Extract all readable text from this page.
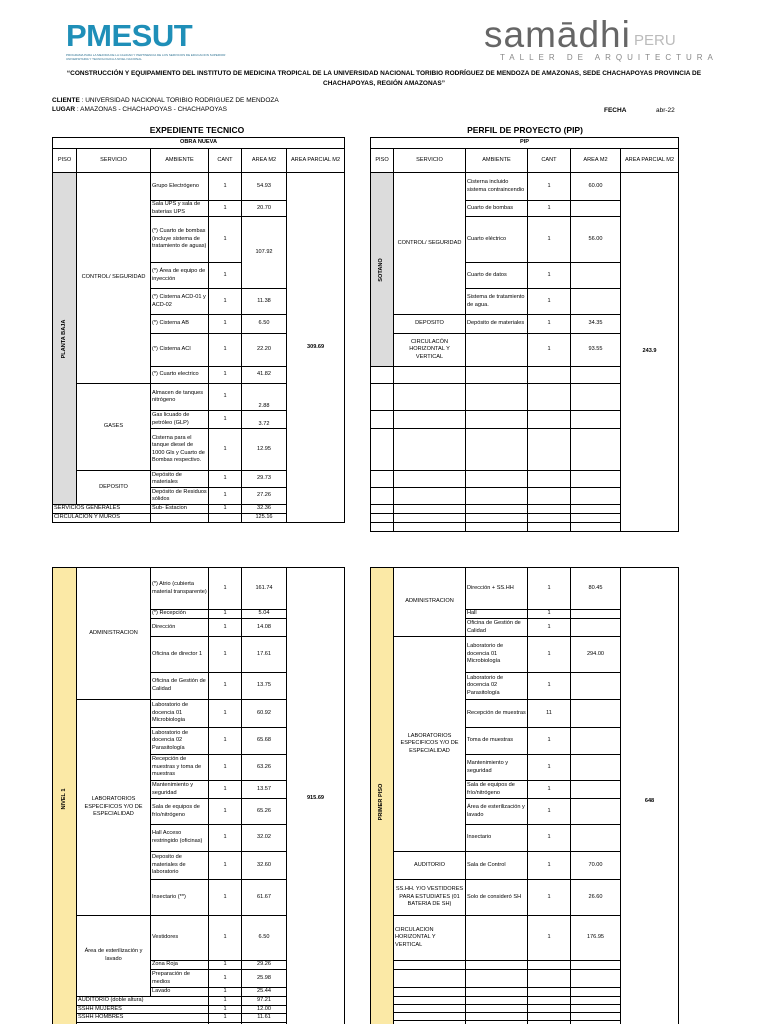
PMESUT
PROGRAMA PARA LA MEJORA DE LA CALIDAD Y PERTINENCIA DE LOS SERVICIOS DE EDUCACION SUPERIOR UNIVERSITARIA Y TECNOLOGICA A NIVEL NACIONAL
samādhi PERU
TALLER DE ARQUITECTURA
“CONSTRUCCIÓN Y EQUIPAMIENTO DEL INSTITUTO DE MEDICINA TROPICAL DE LA UNIVERSIDAD NACIONAL TORIBIO RODRÍGUEZ DE MENDOZA DE AMAZONAS, SEDE CHACHAPOYAS PROVINCIA DE CHACHAPOYAS, REGIÓN AMAZONAS”
CLIENTE : UNIVERSIDAD NACIONAL TORIBIO RODRIGUEZ DE MENDOZA
LUGAR : AMAZONAS - CHACHAPOYAS - CHACHAPOYAS	FECHA	abr-22
EXPEDIENTE TECNICO	PERFIL DE PROYECTO (PIP)
OBRA NUEVA					
PISO	SERVICIO	AMBIENTE	CANT	AREA M2	AREA PARCIAL M2

PLANTA BAJA	CONTROL/ SEGURIDAD	Grupo Electrógeno	1	54.93	309.69
		Sala UPS y sala de baterias UPS	1	20.70	
		(*) Cuarto de bombas (incluye sistema de tratamiento de aguas)	1	107.92	
		(*) Área de equipo de inyección	1		
		(*) Cisterna ACD-01 y ACD-02	1	11.38	
		(*) Cisterna AB	1	6.50	
		(*) Cisterna ACI	1	22.20	
		(*) Cuarto electrico	1	41.82	
	GASES	Almacen de tanques nitrógeno	1	2.88	
		Gas licuado de petróleo (GLP)	1	3.72	
		Cisterna para el tanque diesel de 1000 Gls y Cuarto de Bombas respectivo.	1	12.95	
	DEPOSITO	Depósito de materiales	1	29.73	
		Depósito de Residuos sólidos	1	27.26	
SERVICIOS GENERALES		Sub- Estacion	1	32.36	
CIRCULACION Y MUROS				125.16	
PIP						
PISO	SERVICIO	AMBIENTE	CANT	AREA M2	AREA PARCIAL M2	

SOTANO	CONTROL/ SEGURIDAD	Cisterna incluido sistema contraincendio	1	60.00	243.9	
		Cuarto de bombas	1			
		Cuarto eléctrico	1	56.00		
		Cuarto de datos	1			
		Sistema de tratamiento de agua.	1			
	DEPOSITO	Depósito de materiales	1	34.35		
	CIRCULACÓN HORIZONTAL Y VERTICAL		1	93.55		

NIVEL 1	ADMINISTRACION	(*) Atrio (cubierta material transparente)	1	161.74	915.69
		(*) Recepción	1	5.04	
		Dirección	1	14.08	
		Oficina de director 1	1	17.61	
		Oficina de Gestión de Calidad	1	13.75	
	LABORATORIOS ESPECIFICOS Y/O DE ESPECIALIDAD	Laboratorio de docencia 01 Microbiologia	1	60.92	
		Laboratorio de docencia 02 Parasitología	1	65.68	
		Recepción de muestras y toma de muestras	1	63.26	
		Mantenimiento y seguridad	1	13.57	
		Sala de equipos de frío/nitrógeno	1	65.26	
		Hall Acceso restringido (oficinas)	1	32.02	
		Deposito de materiales de laboratorio	1	32.60	
		Insectario (**)	1	61.67	
	Área de esterilización y lavado	Vestidores	1	6.50	
		Zona Roja	1	29.26	
		Preparación de medios	1	25.98	
		Lavado	1	25.44	
	AUDITORIO (doble altura)		1	97.21	
	SSHH MUJERES		1	12.00	
	SSHH HOMBRES		1	11.61	

PRIMER PISO	ADMINISTRACION	Dirección + SS.HH	1	80.45	648
		Hall	1		
		Oficina de Gestión de Calidad	1		
	LABORATORIOS ESPECIFICOS Y/O DE ESPECIALIDAD	Laboratorio de docencia 01 Microbiología	1	294.00	
		Laboratorio de docencia 02 Parasitología	1		
		Recepción de muestras	11		
		Toma de muestras	1		
		Mantenimiento y seguridad	1		
		Sala de equipos de frío/nitrógeno	1		
		Área de esterilización y lavado	1		
		Insectario	1		
	AUDITORIO	Sala de Control	1	70.00	
	SS.HH. Y/O VESTIDORES PARA ESTUDIATES (01 BATERIA DE SH)	Solo de consideró SH	1	26.60	
	CIRCULACION HORIZONTAL Y VERTICAL		1	176.95	
